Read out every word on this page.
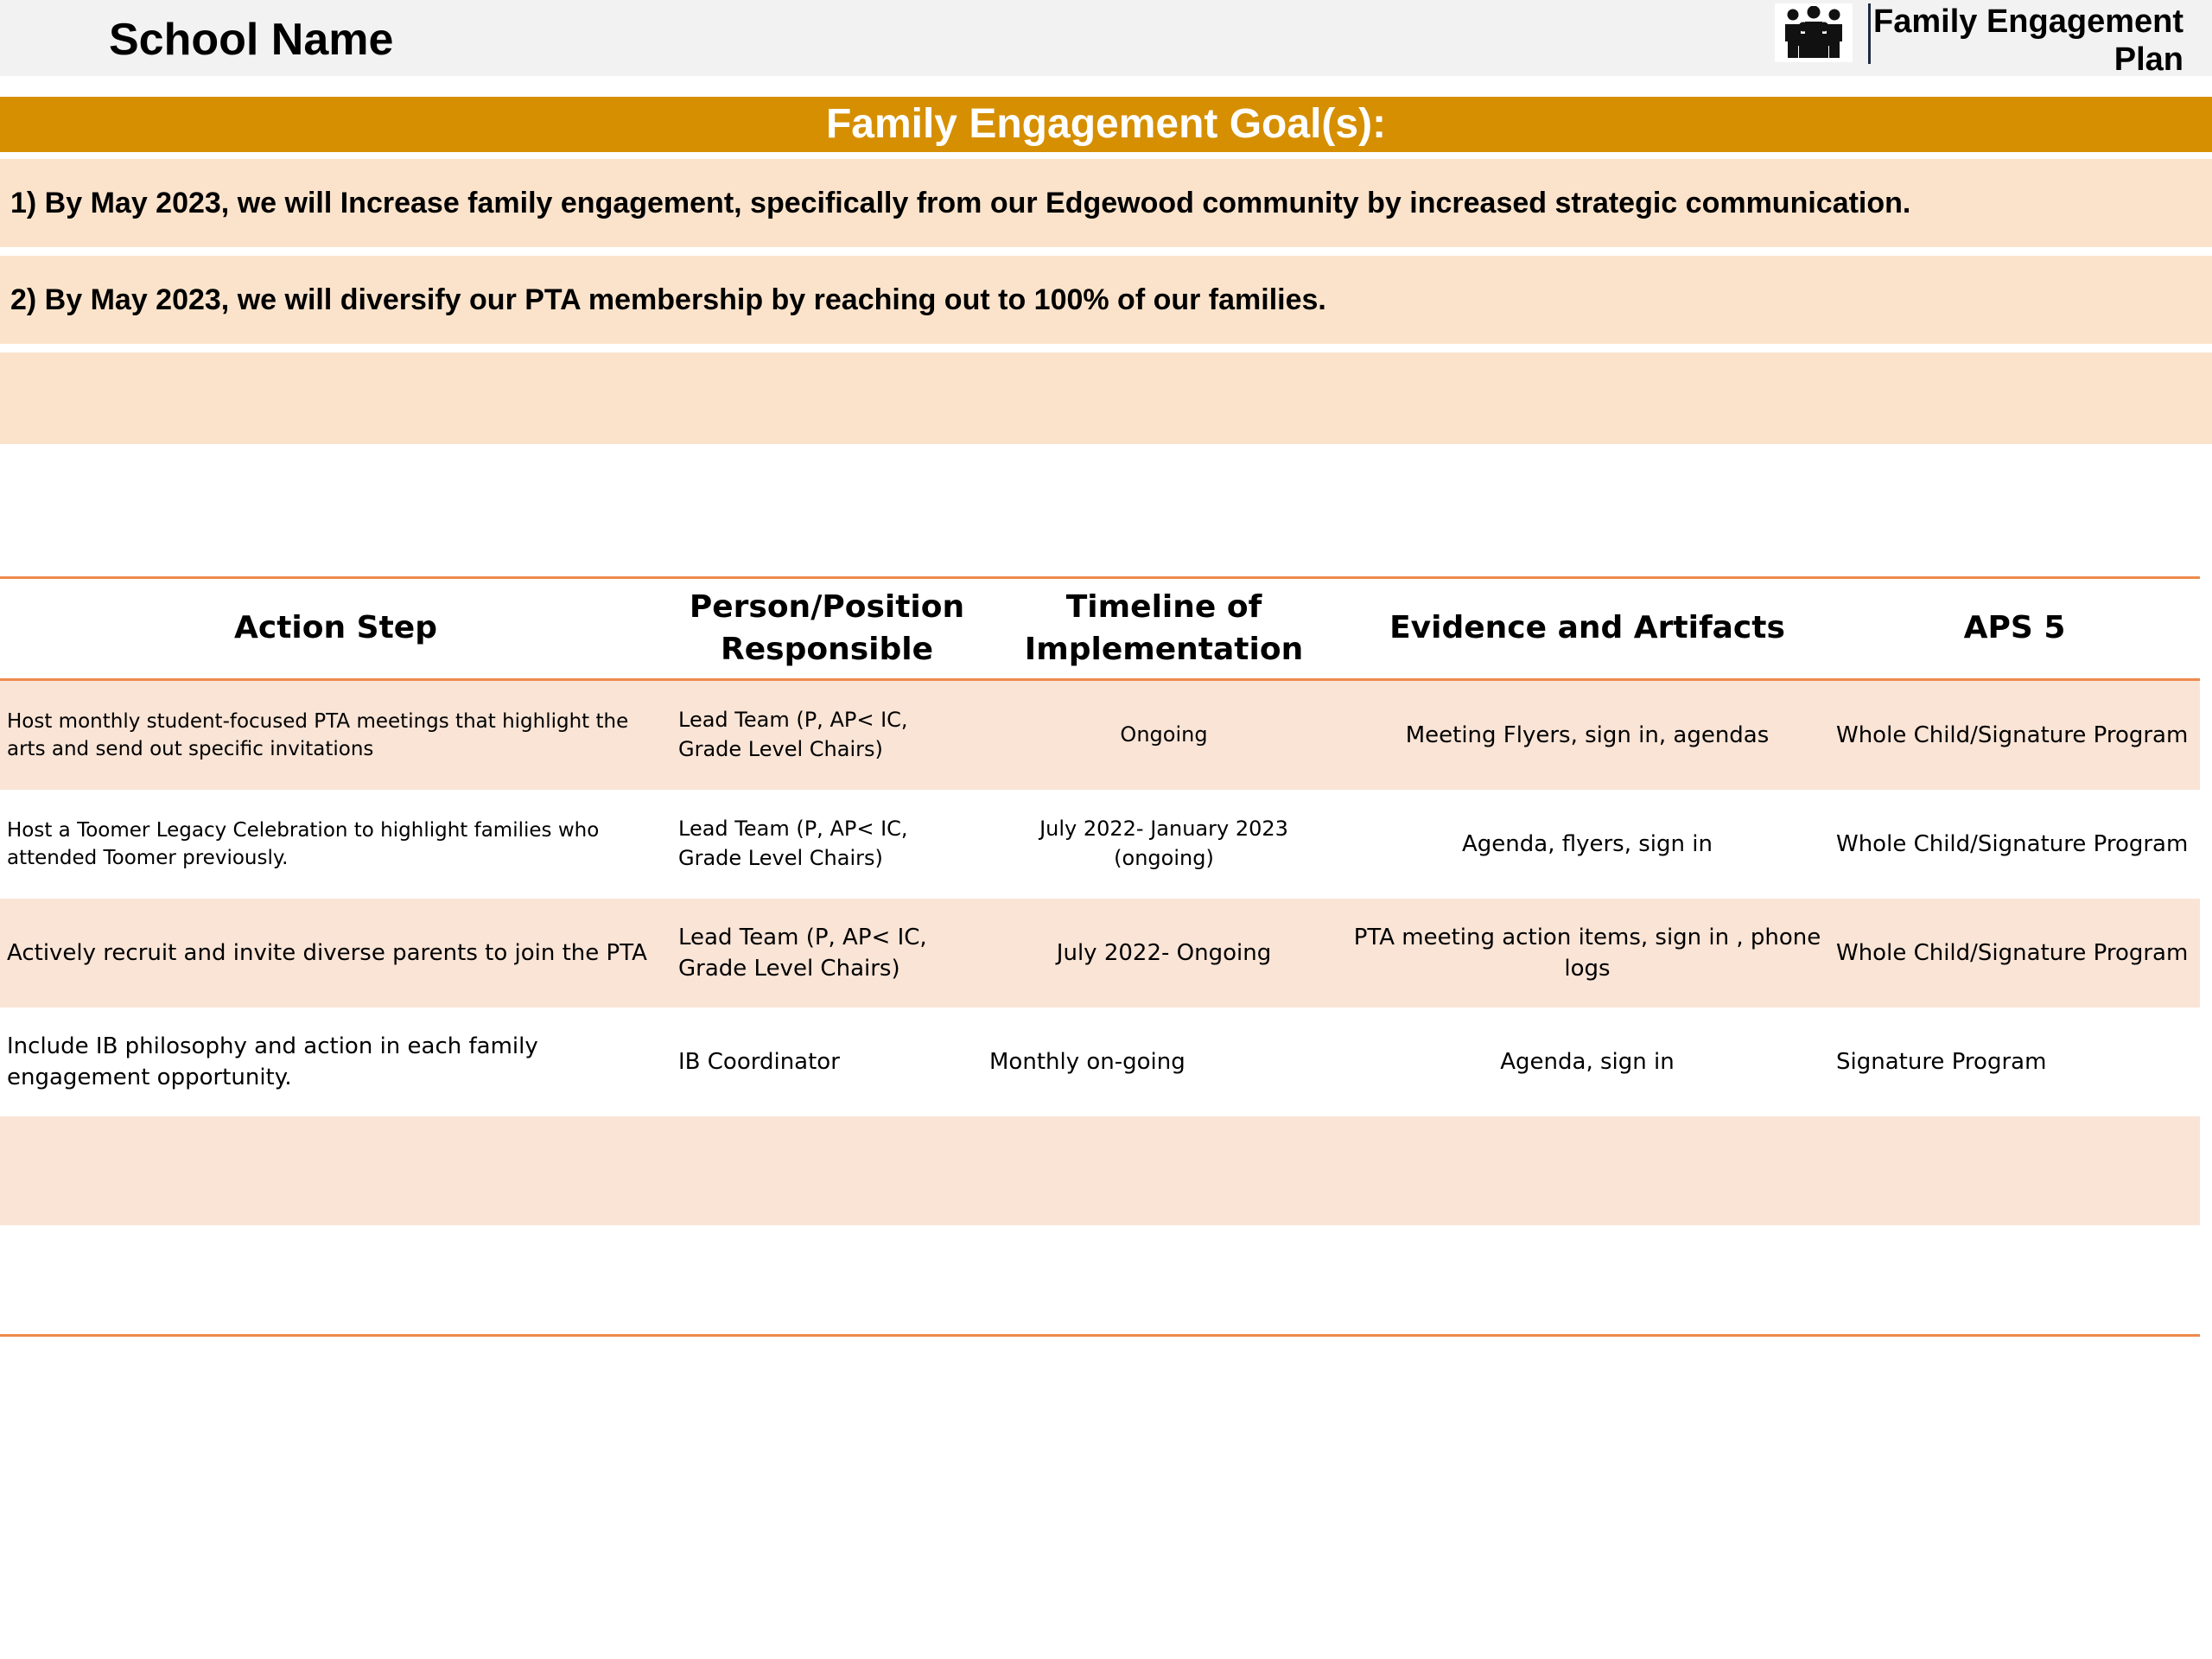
School Name	Family Engagement Plan
Family Engagement Goal(s):
1) By May 2023, we will Increase family engagement, specifically from our Edgewood community by increased strategic communication.
2) By May 2023, we will diversify our PTA membership by reaching out to 100% of our families.
Action Step	Person/Position Responsible	Timeline of Implementation	Evidence and Artifacts	APS 5
Host monthly student-focused PTA meetings that highlight the arts and send out specific invitations	Lead Team (P, AP< IC, Grade Level Chairs)	Ongoing	Meeting Flyers, sign in, agendas	Whole Child/Signature Program
Host a Toomer Legacy Celebration to highlight families who attended Toomer previously.	Lead Team (P, AP< IC, Grade Level Chairs)	July 2022- January 2023 (ongoing)	Agenda, flyers, sign in	Whole Child/Signature Program
Actively recruit and invite diverse parents to join the PTA	Lead Team (P, AP< IC, Grade Level Chairs)	July 2022- Ongoing	PTA meeting action items, sign in , phone logs	Whole Child/Signature Program
Include IB philosophy and action in each family engagement opportunity.	IB Coordinator	Monthly on-going	Agenda, sign in	Signature Program
